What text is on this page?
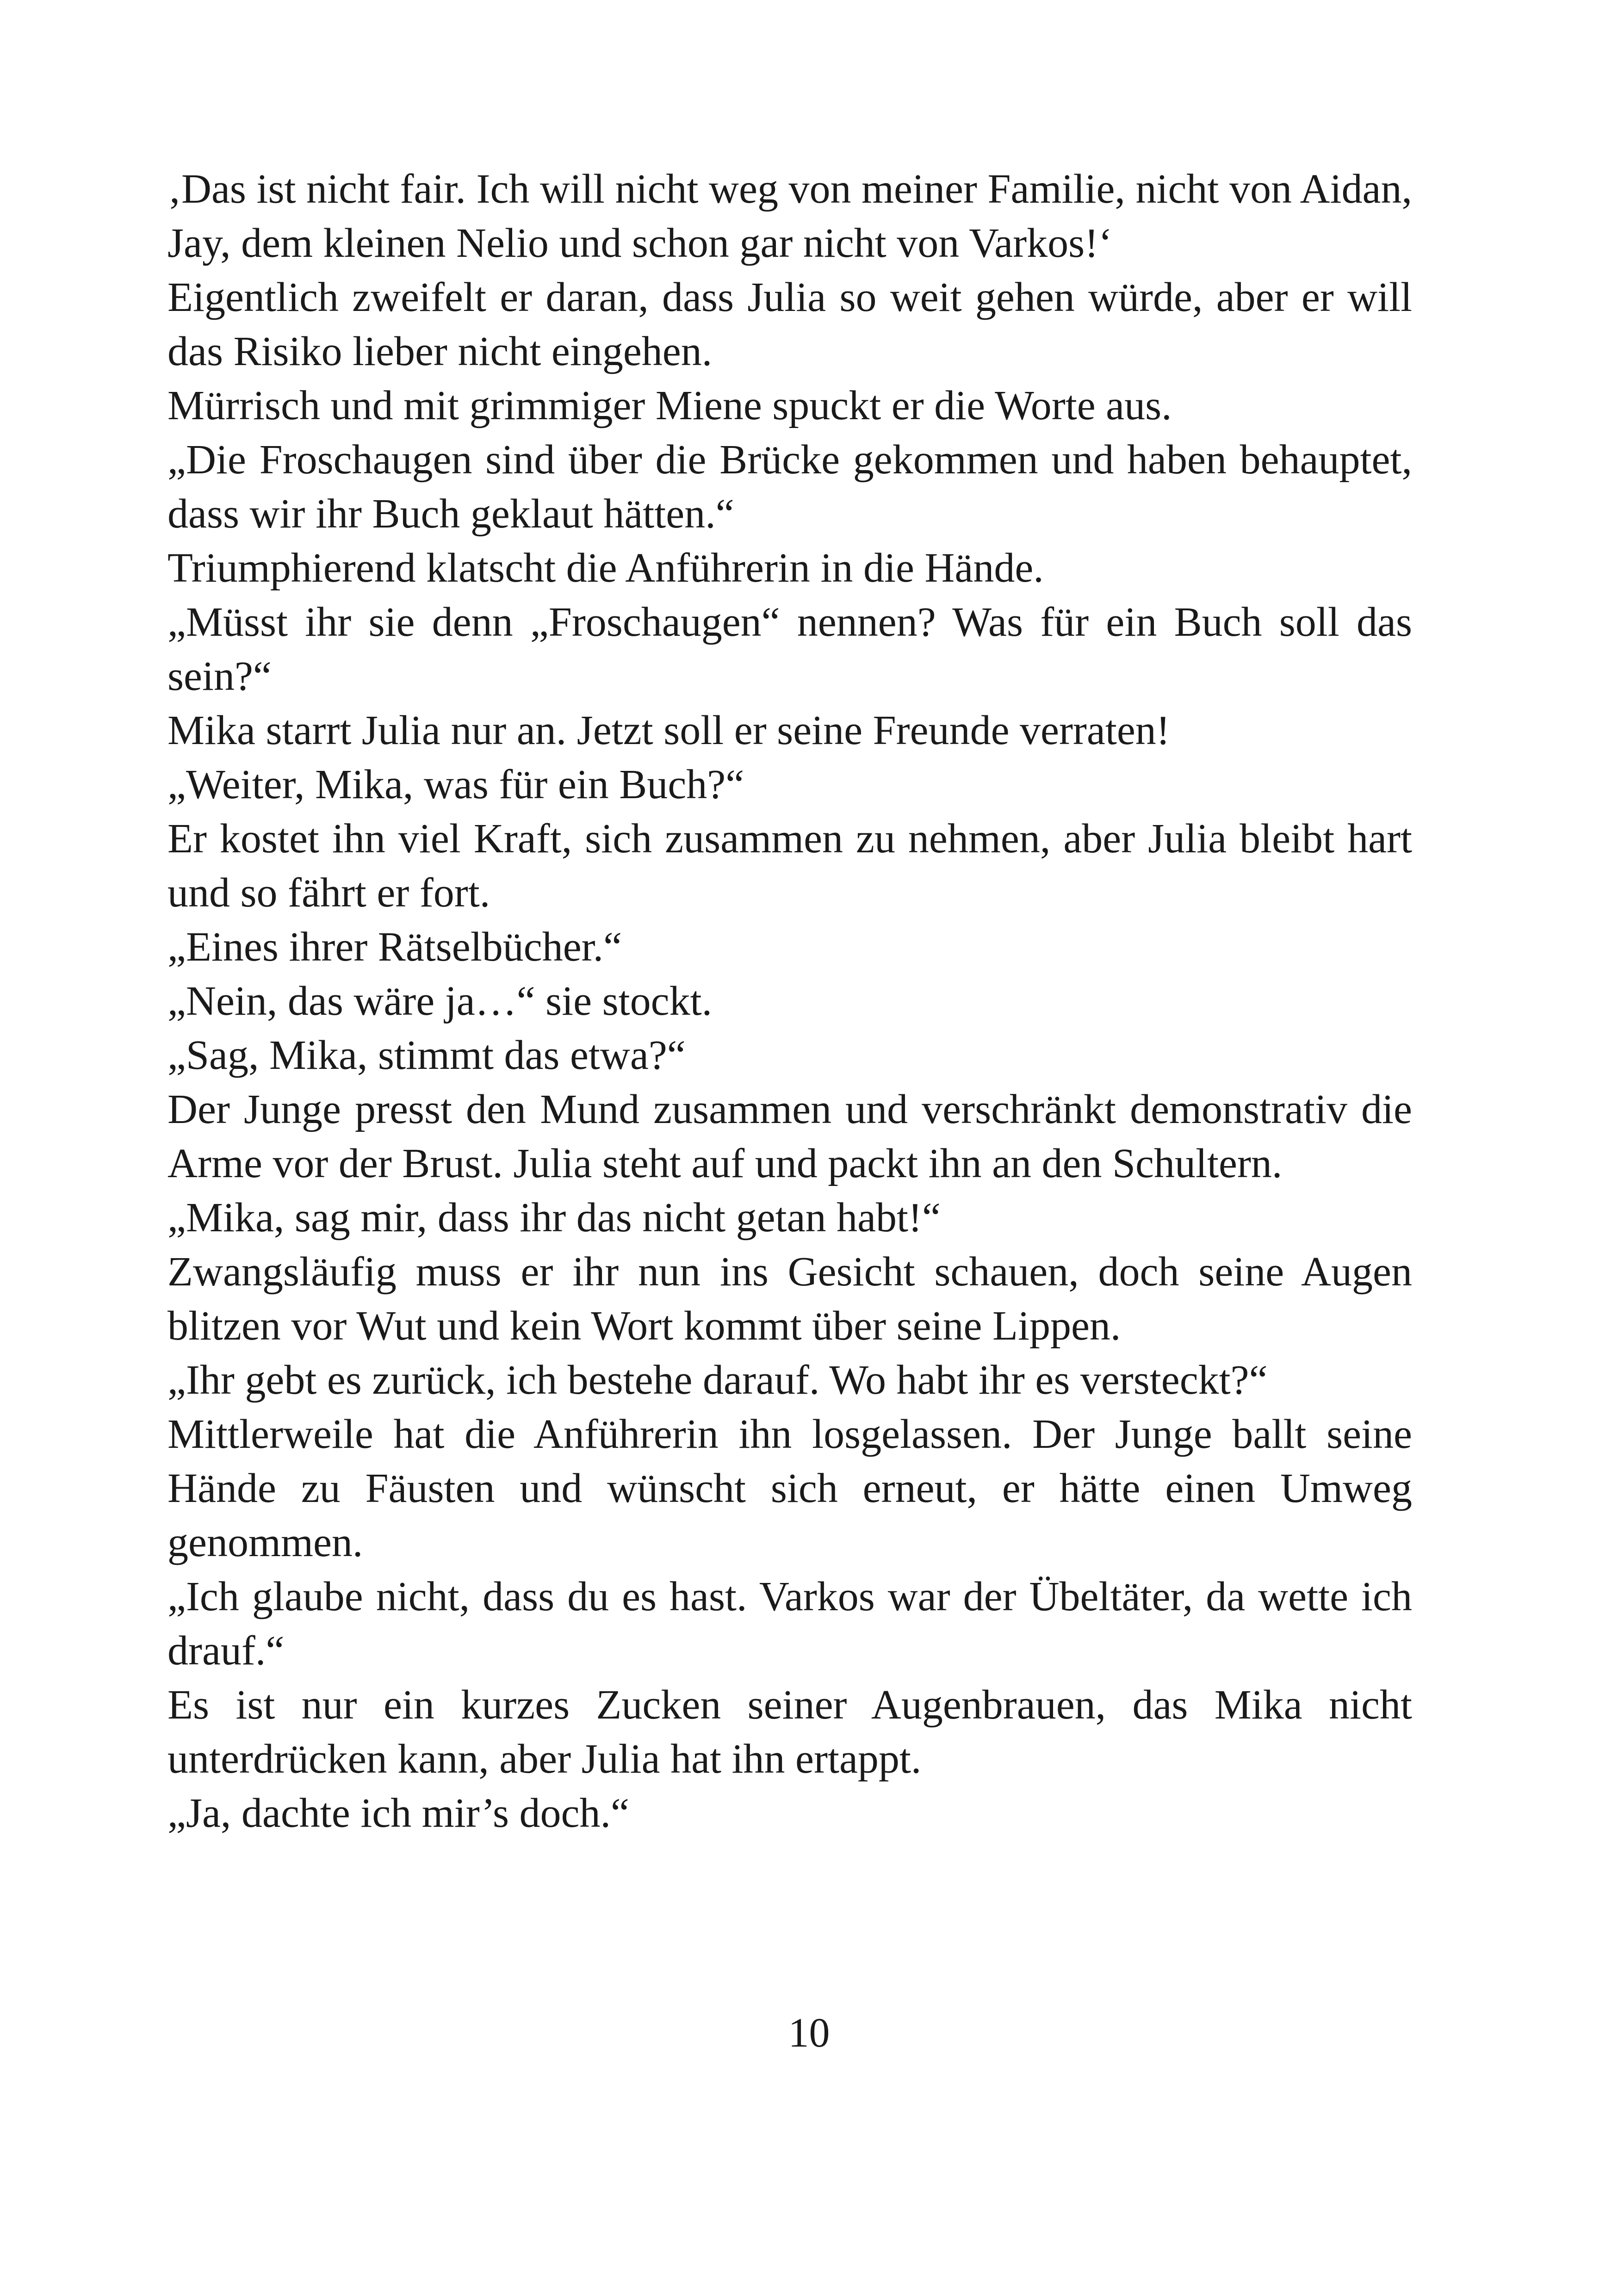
‚Das ist nicht fair. Ich will nicht weg von meiner Familie, nicht von Aidan, Jay, dem kleinen Nelio und schon gar nicht von Varkos!‘

Eigentlich zweifelt er daran, dass Julia so weit gehen würde, aber er will das Risiko lieber nicht eingehen.

Mürrisch und mit grimmiger Miene spuckt er die Worte aus.

„Die Froschaugen sind über die Brücke gekommen und haben behauptet, dass wir ihr Buch geklaut hätten.“

Triumphierend klatscht die Anführerin in die Hände.

„Müsst ihr sie denn „Froschaugen“ nennen? Was für ein Buch soll das sein?“

Mika starrt Julia nur an. Jetzt soll er seine Freunde verraten!

„Weiter, Mika, was für ein Buch?“

Er kostet ihn viel Kraft, sich zusammen zu nehmen, aber Julia bleibt hart und so fährt er fort.

„Eines ihrer Rätselbücher.“

„Nein, das wäre ja…“ sie stockt.

„Sag, Mika, stimmt das etwa?“

Der Junge presst den Mund zusammen und verschränkt demonstrativ die Arme vor der Brust. Julia steht auf und packt ihn an den Schultern.

„Mika, sag mir, dass ihr das nicht getan habt!“

Zwangsläufig muss er ihr nun ins Gesicht schauen, doch seine Augen blitzen vor Wut und kein Wort kommt über seine Lippen.

„Ihr gebt es zurück, ich bestehe darauf. Wo habt ihr es versteckt?“

Mittlerweile hat die Anführerin ihn losgelassen. Der Junge ballt seine Hände zu Fäusten und wünscht sich erneut, er hätte einen Umweg genommen.

„Ich glaube nicht, dass du es hast. Varkos war der Übeltäter, da wette ich drauf.“

Es ist nur ein kurzes Zucken seiner Augenbrauen, das Mika nicht unterdrücken kann, aber Julia hat ihn ertappt.

„Ja, dachte ich mir’s doch.“

10
